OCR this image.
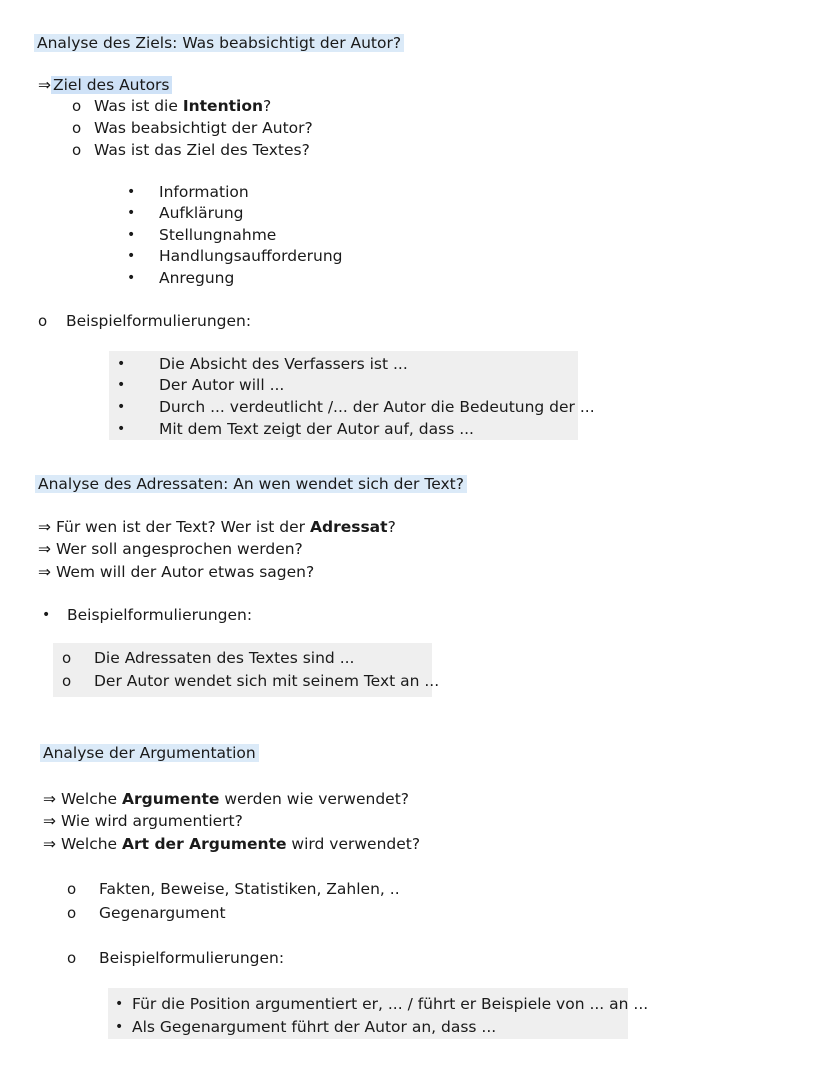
Analyse des Ziels: Was beabsichtigt der Autor?
⇒ Ziel des Autors
o Was ist die Intention?
o Was beabsichtigt der Autor?
o Was ist das Ziel des Textes?
• Information
• Aufklärung
• Stellungnahme
• Handlungsaufforderung
• Anregung
o Beispielformulierungen:
• Die Absicht des Verfassers ist ...
• Der Autor will ...
• Durch ... verdeutlicht /... der Autor die Bedeutung der ...
• Mit dem Text zeigt der Autor auf, dass ...
Analyse des Adressaten: An wen wendet sich der Text?
⇒ Für wen ist der Text? Wer ist der Adressat?
⇒ Wer soll angesprochen werden?
⇒ Wem will der Autor etwas sagen?
• Beispielformulierungen:
o Die Adressaten des Textes sind ...
o Der Autor wendet sich mit seinem Text an ...
Analyse der Argumentation
⇒ Welche Argumente werden wie verwendet?
⇒ Wie wird argumentiert?
⇒ Welche Art der Argumente wird verwendet?
o Fakten, Beweise, Statistiken, Zahlen, ..
o Gegenargument
o Beispielformulierungen:
• Für die Position argumentiert er, ... / führt er Beispiele von ... an ...
• Als Gegenargument führt der Autor an, dass ...
